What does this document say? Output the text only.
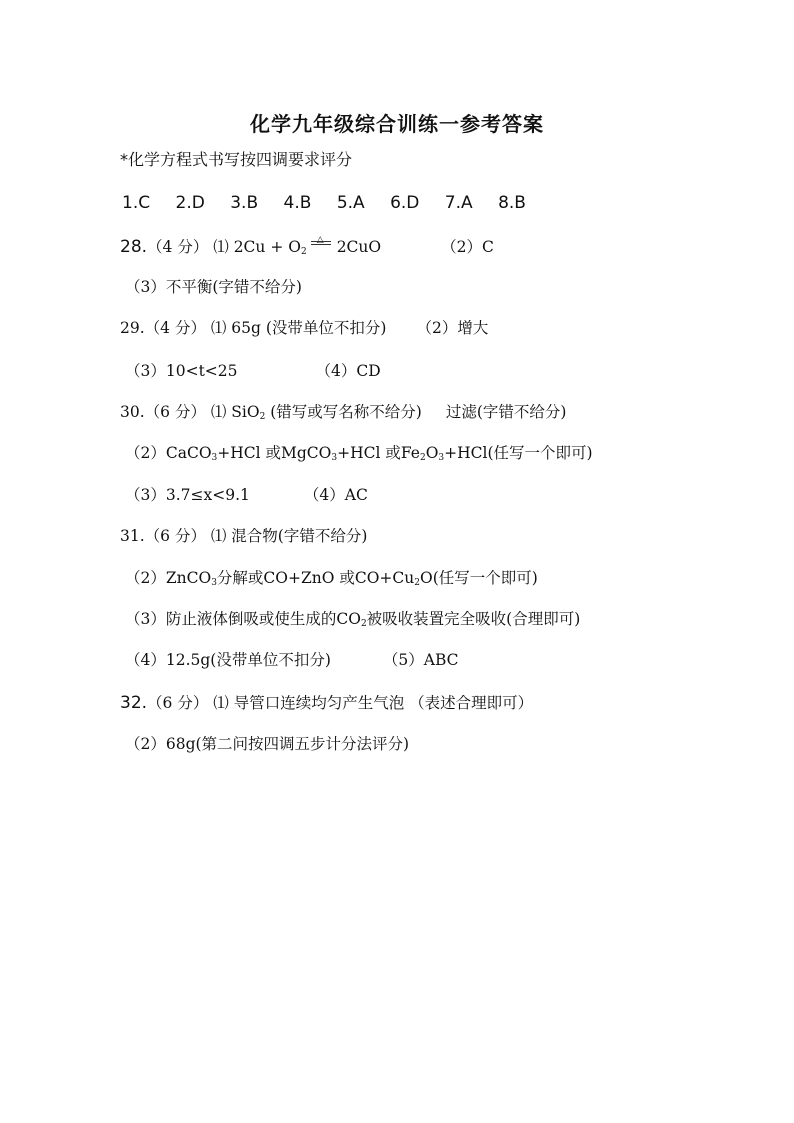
化学九年级综合训练一参考答案
*化学方程式书写按四调要求评分
1.C 2.D 3.B 4.B 5.A 6.D 7.A 8.B
28.（4 分） ⑴ $2Cu + O_2$
△ 2CuO	（2）C
（3）不平衡(字错不给分)
29.（4 分） ⑴ 65g (没带单位不扣分) （2）增大
（3）10<t<25	（4）CD
30.（6 分） ⑴ SiO$_2$ (错写或写名称不给分) 过滤(字错不给分)
（2）CaCO$_3$+HCl 或MgCO$_3$+HCl 或$Fe_2O_3+HCl$(任写一个即可)
（3）3.7≤x<9.1	（4）AC
31.（6 分） ⑴ 混合物(字错不给分)
（2）ZnCO$_3$分解或CO+ZnO 或$CO+Cu_2O$(任写一个即可)
（3）防止液体倒吸或使生成的$CO_2$被吸收装置完全吸收(合理即可)
（4）12.5g(没带单位不扣分)	（5）ABC
32.（6 分） ⑴ 导管口连续均匀产生气泡 （表述合理即可）
（2）68g(第二问按四调五步计分法评分)
